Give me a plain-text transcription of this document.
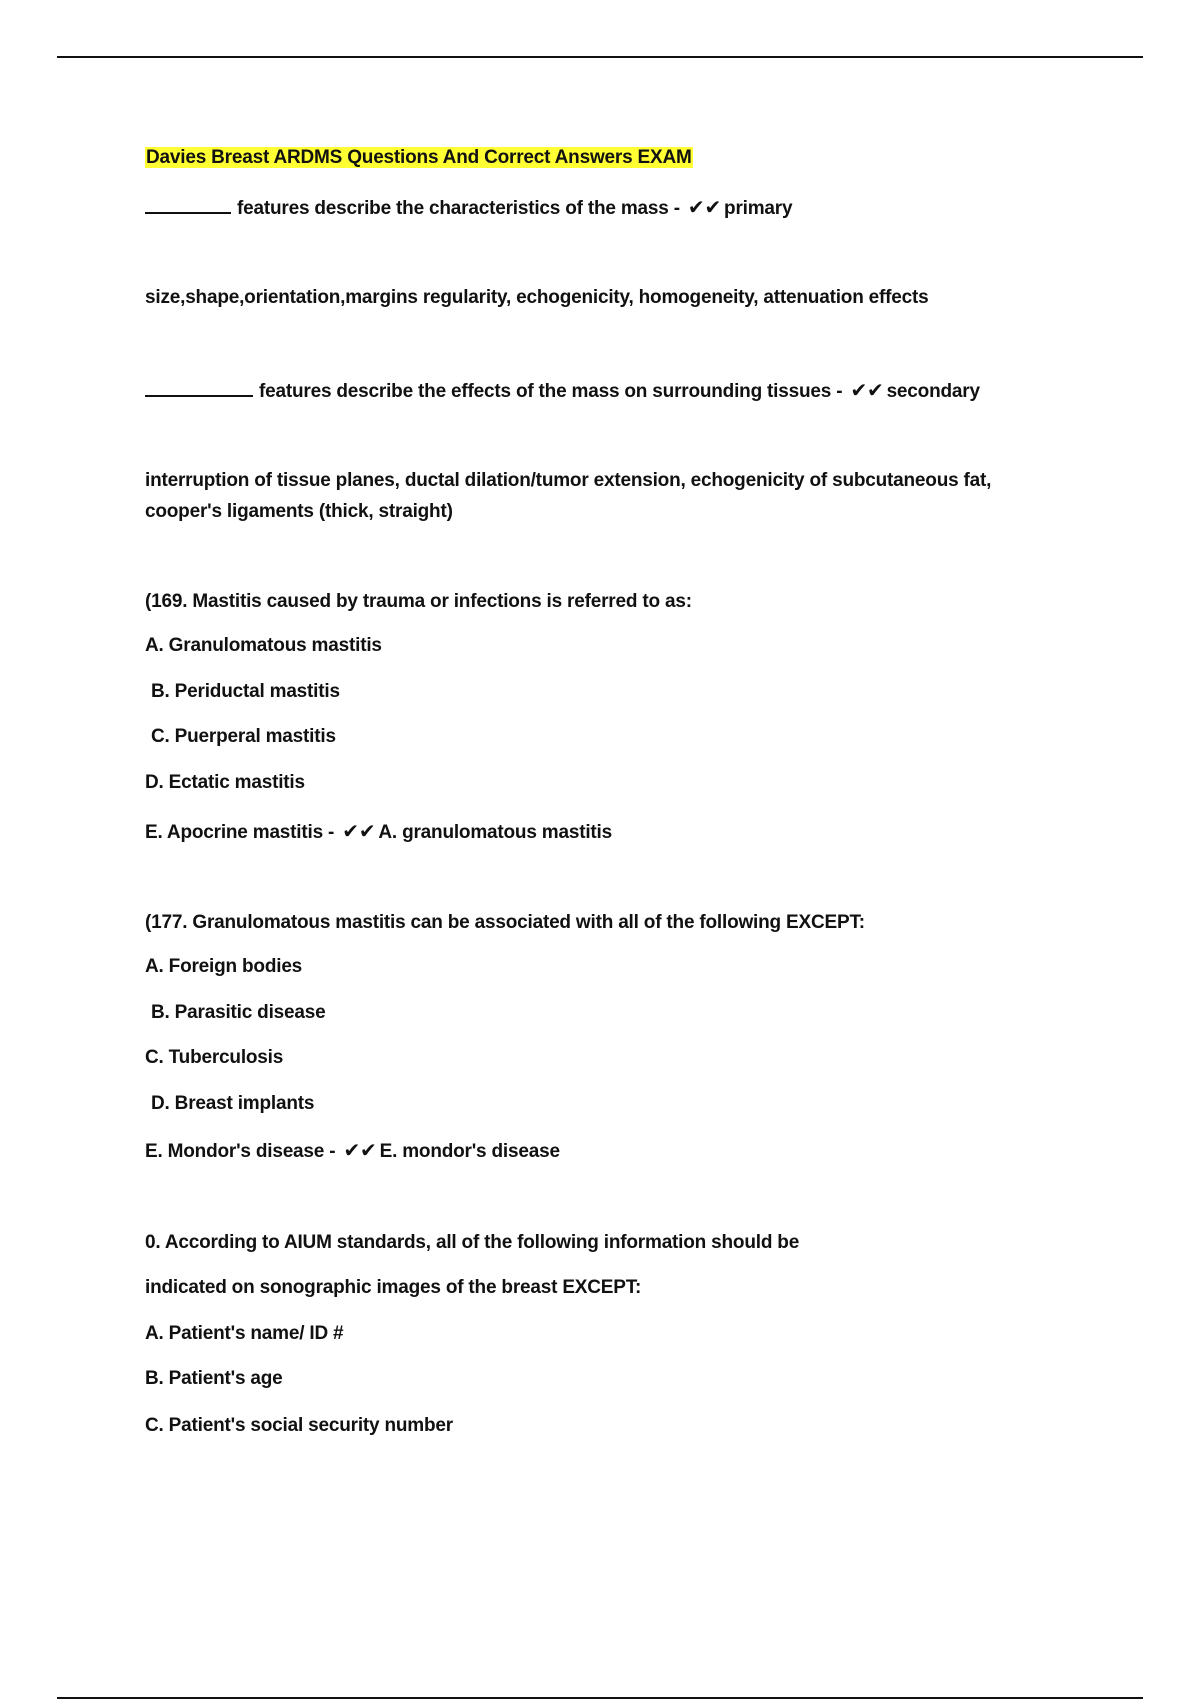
Davies Breast ARDMS Questions And Correct Answers EXAM
features describe the characteristics of the mass - ✔✔ primary
size,shape,orientation,margins regularity, echogenicity, homogeneity, attenuation effects
features describe the effects of the mass on surrounding tissues - ✔✔ secondary
interruption of tissue planes, ductal dilation/tumor extension, echogenicity of subcutaneous fat, cooper's ligaments (thick, straight)
(169. Mastitis caused by trauma or infections is referred to as:
A. Granulomatous mastitis
B. Periductal mastitis
C. Puerperal mastitis
D. Ectatic mastitis
E. Apocrine mastitis - ✔✔ A. granulomatous mastitis
(177. Granulomatous mastitis can be associated with all of the following EXCEPT:
A. Foreign bodies
B. Parasitic disease
C. Tuberculosis
D. Breast implants
E. Mondor's disease - ✔✔ E. mondor's disease
0. According to AIUM standards, all of the following information should be
indicated on sonographic images of the breast EXCEPT:
A. Patient's name/ ID #
B. Patient's age
C. Patient's social security number
